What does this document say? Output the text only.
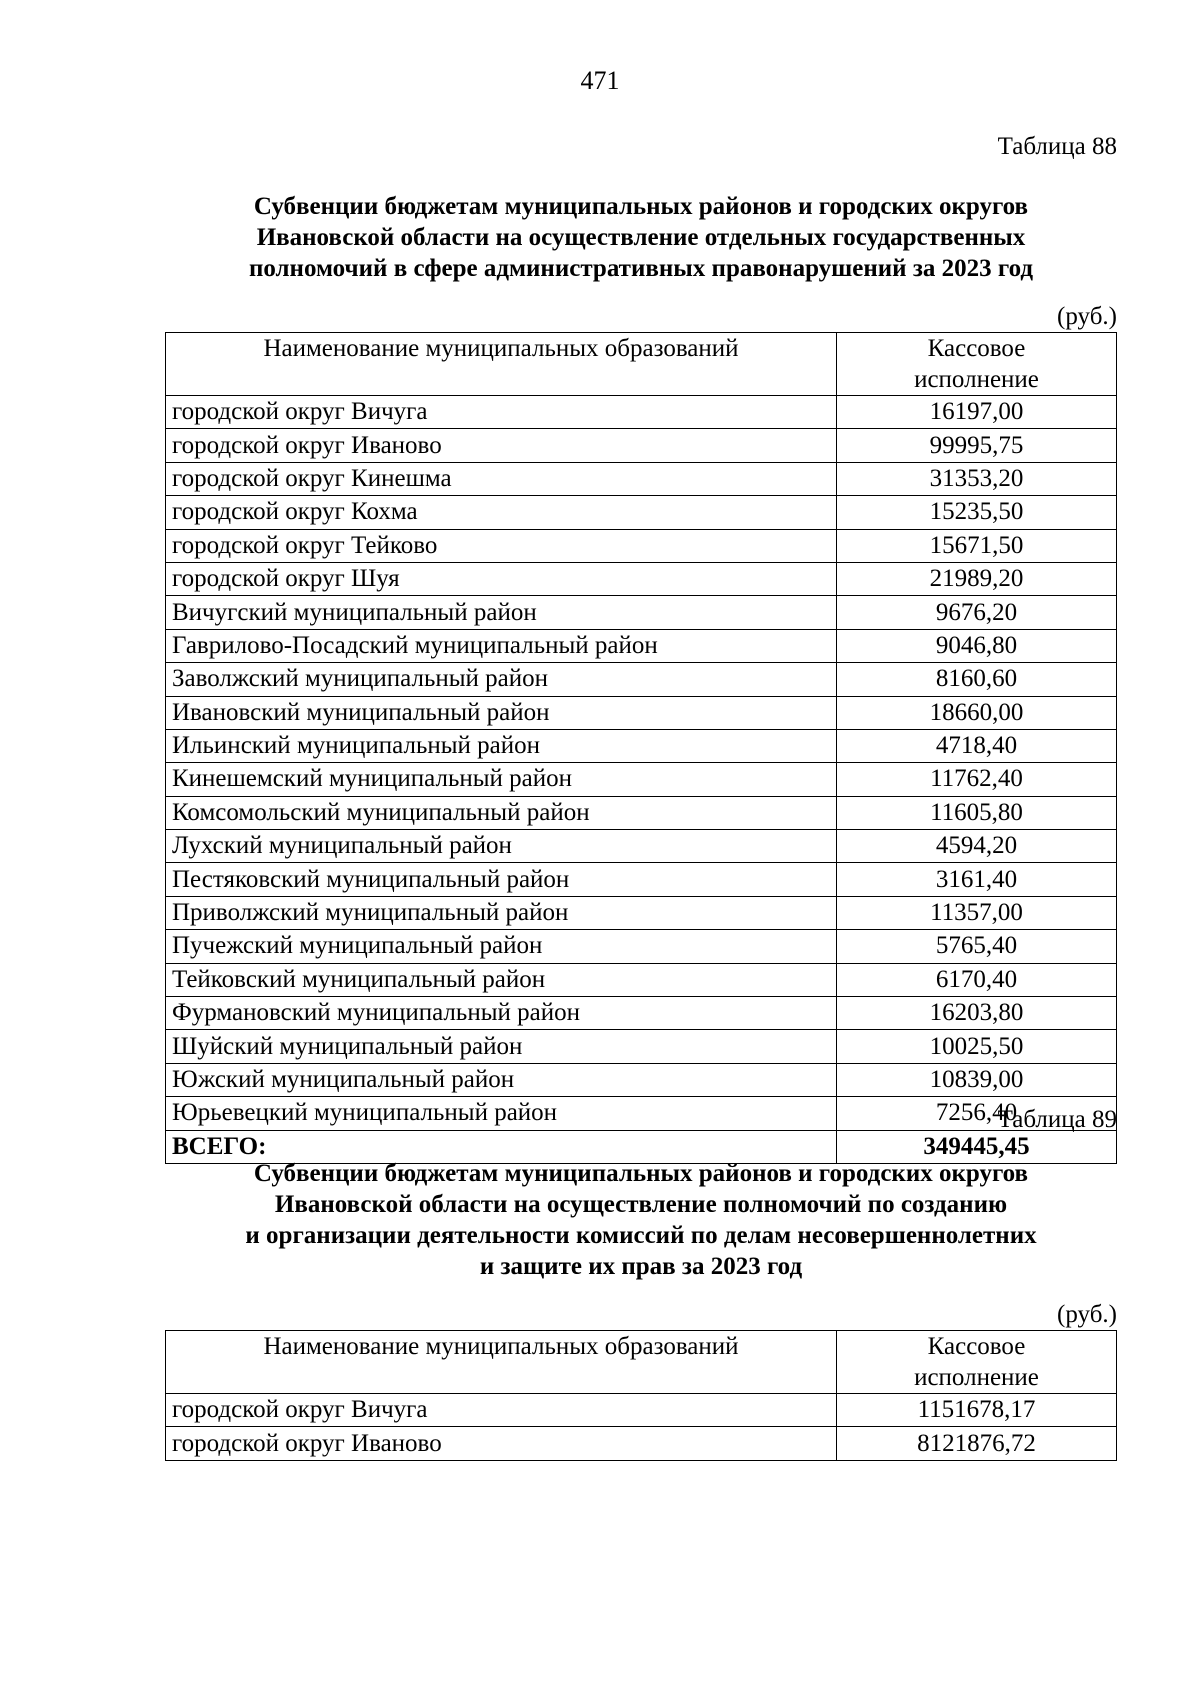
471
Таблица 88
Субвенции бюджетам муниципальных районов и городских округов
Ивановской области на осуществление отдельных государственных
полномочий в сфере административных правонарушений за 2023 год
(руб.)
Наименование муниципальных образований	Кассовое
исполнение

городской округ Вичуга	16197,00
городской округ Иваново	99995,75
городской округ Кинешма	31353,20
городской округ Кохма	15235,50
городской округ Тейково	15671,50
городской округ Шуя	21989,20
Вичугский муниципальный район	9676,20
Гаврилово-Посадский муниципальный район	9046,80
Заволжский муниципальный район	8160,60
Ивановский муниципальный район	18660,00
Ильинский муниципальный район	4718,40
Кинешемский муниципальный район	11762,40
Комсомольский муниципальный район	11605,80
Лухский муниципальный район	4594,20
Пестяковский муниципальный район	3161,40
Приволжский муниципальный район	11357,00
Пучежский муниципальный район	5765,40
Тейковский муниципальный район	6170,40
Фурмановский муниципальный район	16203,80
Шуйский муниципальный район	10025,50
Южский муниципальный район	10839,00
Юрьевецкий муниципальный район	7256,40
ВСЕГО:	349445,45
Таблица 89
Субвенции бюджетам муниципальных районов и городских округов
Ивановской области на осуществление полномочий по созданию
и организации деятельности комиссий по делам несовершеннолетних
и защите их прав за 2023 год
(руб.)
Наименование муниципальных образований	Кассовое
исполнение

городской округ Вичуга	1151678,17
городской округ Иваново	8121876,72
